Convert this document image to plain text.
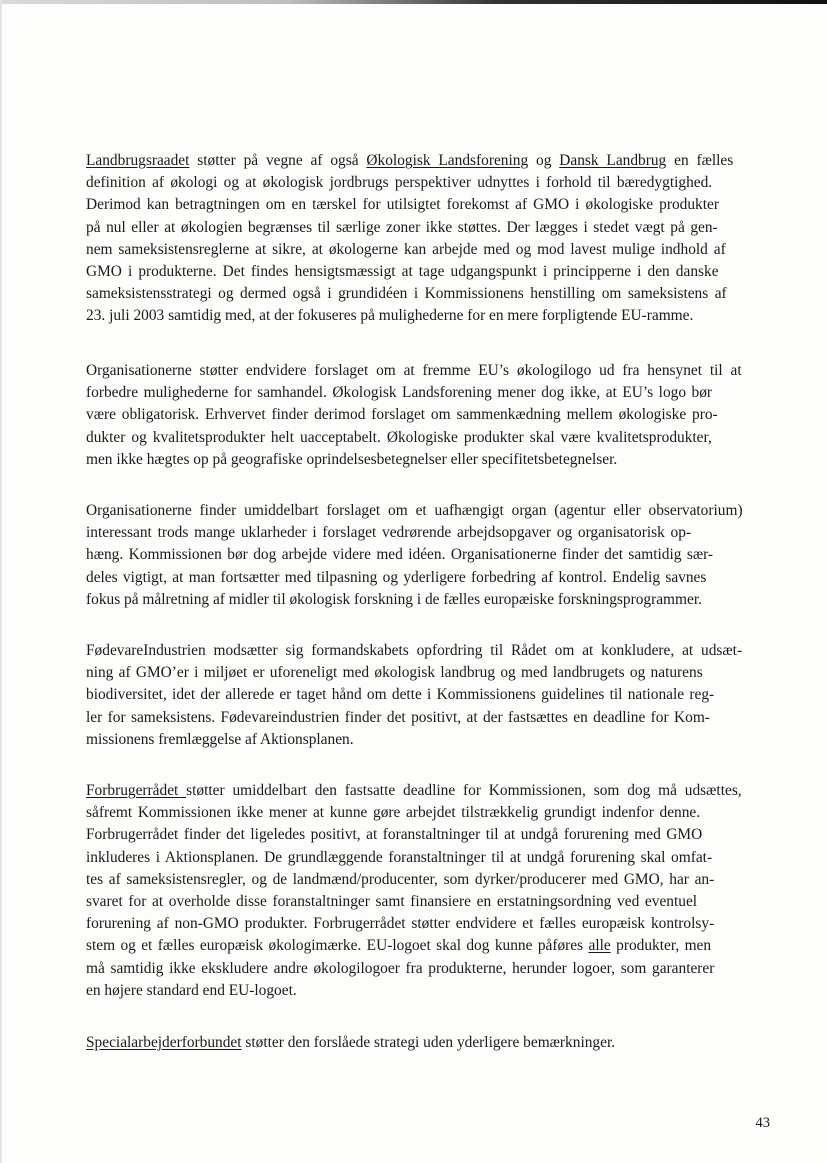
Landbrugsraadet støtter på vegne af også Økologisk Landsforening og Dansk Landbrug en fælles

definition af økologi og at økologisk jordbrugs perspektiver udnyttes i forhold til bæredygtighed.

Derimod kan betragtningen om en tærskel for utilsigtet forekomst af GMO i økologiske produkter

på nul eller at økologien begrænses til særlige zoner ikke støttes. Der lægges i stedet vægt på gen-

nem sameksistensreglerne at sikre, at økologerne kan arbejde med og mod lavest mulige indhold af

GMO i produkterne. Det findes hensigtsmæssigt at tage udgangspunkt i principperne i den danske

sameksistensstrategi og dermed også i grundidéen i Kommissionens henstilling om sameksistens af

23. juli 2003 samtidig med, at der fokuseres på mulighederne for en mere forpligtende EU-ramme.

Organisationerne støtter endvidere forslaget om at fremme EU’s økologilogo ud fra hensynet til at

forbedre mulighederne for samhandel. Økologisk Landsforening mener dog ikke, at EU’s logo bør

være obligatorisk. Erhvervet finder derimod forslaget om sammenkædning mellem økologiske pro-

dukter og kvalitetsprodukter helt uacceptabelt. Økologiske produkter skal være kvalitetsprodukter,

men ikke hægtes op på geografiske oprindelsesbetegnelser eller specifitetsbetegnelser.

Organisationerne finder umiddelbart forslaget om et uafhængigt organ (agentur eller observatorium)

interessant trods mange uklarheder i forslaget vedrørende arbejdsopgaver og organisatorisk op-

hæng. Kommissionen bør dog arbejde videre med idéen. Organisationerne finder det samtidig sær-

deles vigtigt, at man fortsætter med tilpasning og yderligere forbedring af kontrol. Endelig savnes

fokus på målretning af midler til økologisk forskning i de fælles europæiske forskningsprogrammer.

FødevareIndustrien modsætter sig formandskabets opfordring til Rådet om at konkludere, at udsæt-

ning af GMO’er i miljøet er uforeneligt med økologisk landbrug og med landbrugets og naturens

biodiversitet, idet der allerede er taget hånd om dette i Kommissionens guidelines til nationale reg-

ler for sameksistens. Fødevareindustrien finder det positivt, at der fastsættes en deadline for Kom-

missionens fremlæggelse af Aktionsplanen.

Forbrugerrådet støtter umiddelbart den fastsatte deadline for Kommissionen, som dog må udsættes,

såfremt Kommissionen ikke mener at kunne gøre arbejdet tilstrækkelig grundigt indenfor denne.

Forbrugerrådet finder det ligeledes positivt, at foranstaltninger til at undgå forurening med GMO

inkluderes i Aktionsplanen. De grundlæggende foranstaltninger til at undgå forurening skal omfat-

tes af sameksistensregler, og de landmænd/producenter, som dyrker/producerer med GMO, har an-

svaret for at overholde disse foranstaltninger samt finansiere en erstatningsordning ved eventuel

forurening af non-GMO produkter. Forbrugerrådet støtter endvidere et fælles europæisk kontrolsy-

stem og et fælles europæisk økologimærke. EU-logoet skal dog kunne påføres alle produkter, men

må samtidig ikke ekskludere andre økologilogoer fra produkterne, herunder logoer, som garanterer

en højere standard end EU-logoet.

Specialarbejderforbundet støtter den forslåede strategi uden yderligere bemærkninger.

43
